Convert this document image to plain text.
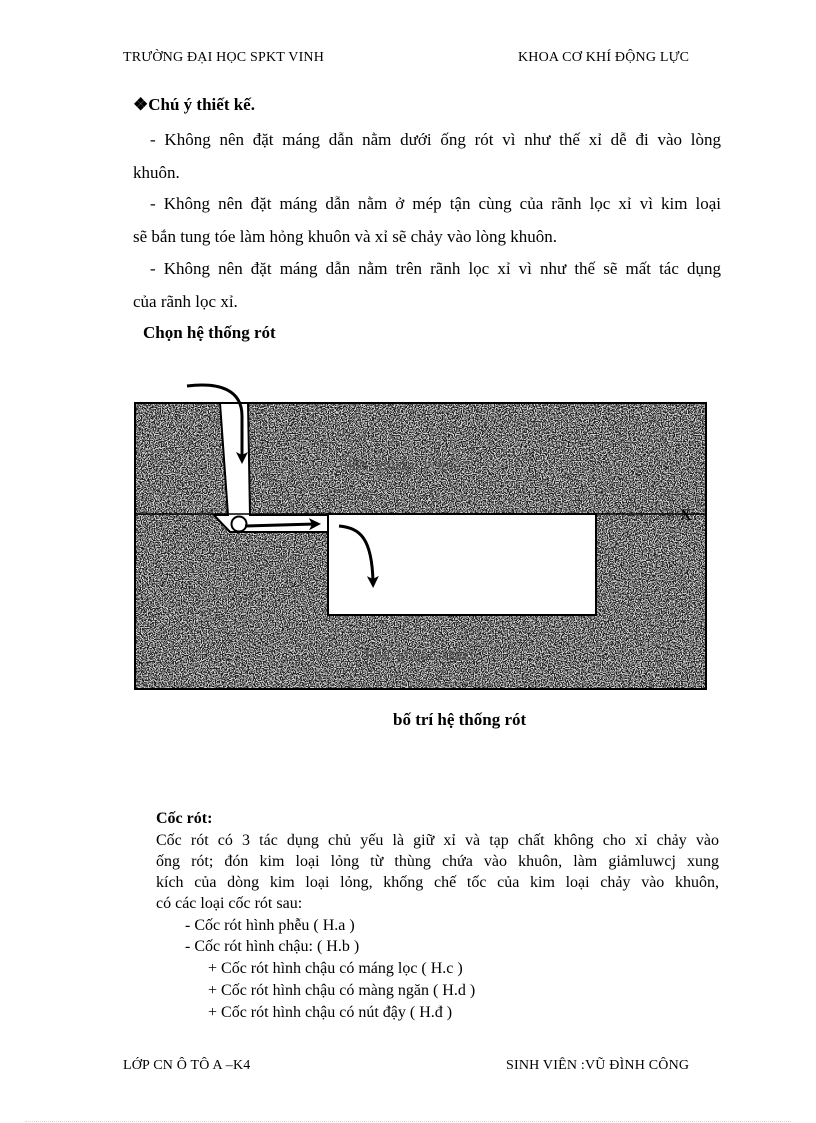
TRƯỜNG ĐẠI HỌC SPKT VINH	KHOA CƠ KHÍ ĐỘNG LỰC
❖Chú ý thiết kế.
- Không nên đặt máng dẫn nằm dưới ống rót vì như thế xỉ dễ đi vào lòng
khuôn.
- Không nên đặt máng dẫn nằm ở mép tận cùng của rãnh lọc xỉ vì kim loại
sẽ bắn tung tóe làm hỏng khuôn và xỉ sẽ chảy vào lòng khuôn.
- Không nên đặt máng dẫn nằm trên rãnh lọc xỉ vì như thế sẽ mất tác dụng
của rãnh lọc xỉ.
Chọn hệ thống rót
Hòm khuôn trên
Hòm khuôn dưới
X
bố trí hệ thống rót
Cốc rót:
Cốc rót có 3 tác dụng chủ yếu là giữ xỉ và tạp chất không cho xỉ chảy vào
ống rót; đón kim loại lỏng từ thùng chứa vào khuôn, làm giảmluwcj xung
kích của dòng kim loại lỏng, khống chế tốc của kim loại chảy vào khuôn,
có các loại cốc rót sau:
- Cốc rót hình phễu ( H.a )
- Cốc rót hình chậu: ( H.b )
+ Cốc rót hình chậu có máng lọc ( H.c )
+ Cốc rót hình chậu có màng ngăn ( H.d )
+ Cốc rót hình chậu có nút đậy ( H.đ )
LỚP CN Ô TÔ A –K4	SINH VIÊN :VŨ ĐÌNH CÔNG
